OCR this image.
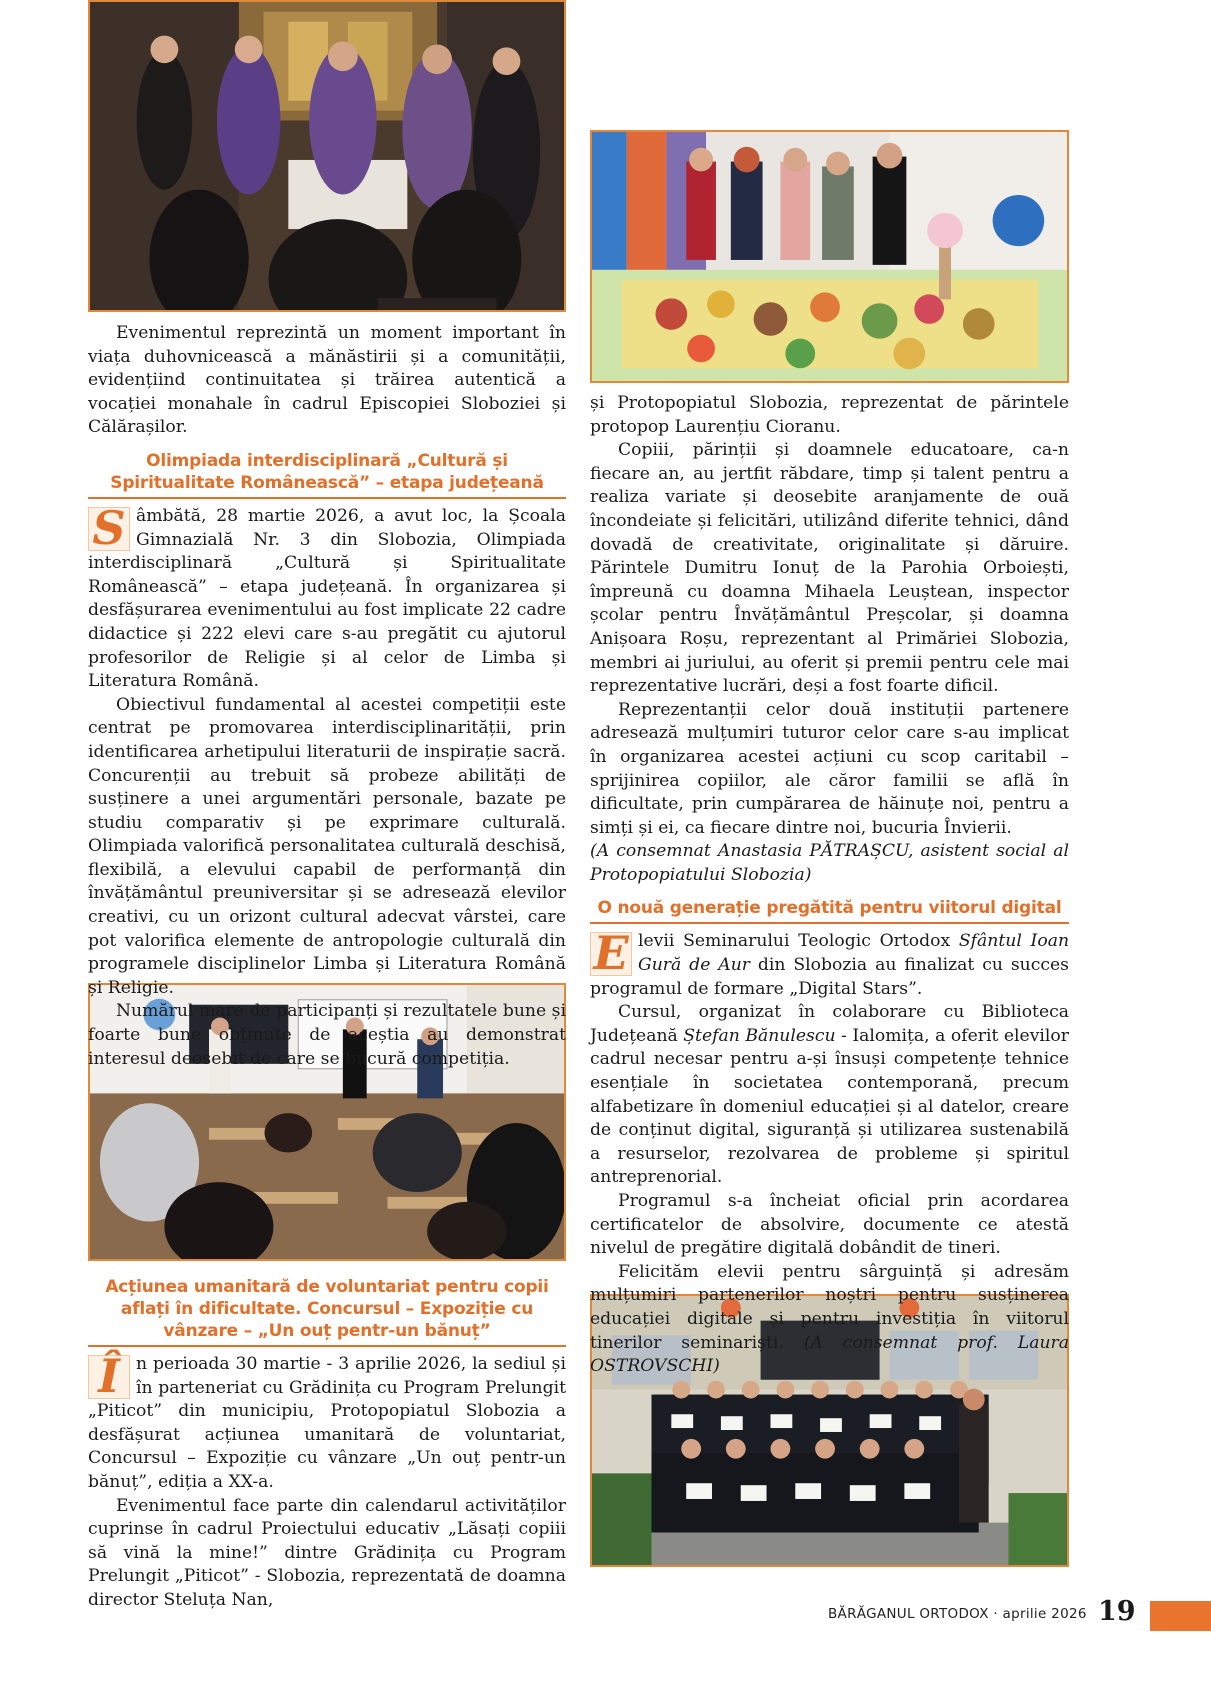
Evenimentul reprezintă un moment important în viața duhovnicească a mănăstirii și a comunității, evidențiind continuitatea și trăirea autentică a vocației monahale în cadrul Episcopiei Sloboziei și Călărașilor.

Olimpiada interdisciplinară „Cultură și Spiritualitate Românească” – etapa județeană

S âmbătă, 28 martie 2026, a avut loc, la Școala Gimnazială Nr. 3 din Slobozia, Olimpiada interdisciplinară „Cultură și Spiritualitate Românească” – etapa județeană. În organizarea și desfășurarea evenimentului au fost implicate 22 cadre didactice și 222 elevi care s-au pregătit cu ajutorul profesorilor de Religie și al celor de Limba și Literatura Română.

Obiectivul fundamental al acestei competiții este centrat pe promovarea interdisciplinarității, prin identificarea arhetipului literaturii de inspirație sacră. Concurenții au trebuit să probeze abilități de susținere a unei argumentări personale, bazate pe studiu comparativ și pe exprimare culturală. Olimpiada valorifică personalitatea culturală deschisă, flexibilă, a elevului capabil de performanță din învățământul preuniversitar și se adresează elevilor creativi, cu un orizont cultural adecvat vârstei, care pot valorifica elemente de antropologie culturală din programele disciplinelor Limba și Literatura Română și Religie.

Numărul mare de participanți și rezultatele bune și foarte bune obținute de aceștia au demonstrat interesul deosebit de care se bucură competiția.

Acțiunea umanitară de voluntariat pentru copii aflați în dificultate. Concursul – Expoziție cu vânzare – „Un ouț pentr-un bănuț”

Î n perioada 30 martie - 3 aprilie 2026, la sediul și în parteneriat cu Grădinița cu Program Prelungit „Piticot” din municipiu, Protopopiatul Slobozia a desfășurat acțiunea umanitară de voluntariat, Concursul – Expoziție cu vânzare „Un ouț pentr-un bănuț”, ediția a XX-a.

Evenimentul face parte din calendarul activităților cuprinse în cadrul Proiectului educativ „Lăsați copiii să vină la mine!” dintre Grădinița cu Program Prelungit „Piticot” - Slobozia, reprezentată de doamna director Steluța Nan,

și Protopopiatul Slobozia, reprezentat de părintele protopop Laurențiu Cioranu.

Copiii, părinții și doamnele educatoare, ca-n fiecare an, au jertfit răbdare, timp și talent pentru a realiza variate și deosebite aranjamente de ouă încondeiate și felicitări, utilizând diferite tehnici, dând dovadă de creativitate, originalitate și dăruire. Părintele Dumitru Ionuț de la Parohia Orboiești, împreună cu doamna Mihaela Leuștean, inspector școlar pentru Învățământul Preșcolar, și doamna Anișoara Roșu, reprezentant al Primăriei Slobozia, membri ai juriului, au oferit și premii pentru cele mai reprezentative lucrări, deși a fost foarte dificil.

Reprezentanții celor două instituții partenere adresează mulțumiri tuturor celor care s-au implicat în organizarea acestei acțiuni cu scop caritabil – sprijinirea copiilor, ale căror familii se află în dificultate, prin cumpărarea de hăinuțe noi, pentru a simți și ei, ca fiecare dintre noi, bucuria Învierii.

(A consemnat Anastasia PĂTRAȘCU, asistent social al Protopopiatului Slobozia)

O nouă generație pregătită pentru viitorul digital

E levii Seminarului Teologic Ortodox Sfântul Ioan Gură de Aur din Slobozia au finalizat cu succes programul de formare „Digital Stars”.

Cursul, organizat în colaborare cu Biblioteca Județeană Ștefan Bănulescu - Ialomița, a oferit elevilor cadrul necesar pentru a-și însuși competențe tehnice esențiale în societatea contemporană, precum alfabetizare în domeniul educației și al datelor, creare de conținut digital, siguranță și utilizarea sustenabilă a resurselor, rezolvarea de probleme și spiritul antreprenorial.

Programul s-a încheiat oficial prin acordarea certificatelor de absolvire, documente ce atestă nivelul de pregătire digitală dobândit de tineri.

Felicităm elevii pentru sârguință și adresăm mulțumiri partenerilor noștri pentru susținerea educației digitale și pentru investiția în viitorul tinerilor seminariști. (A consemnat prof. Laura OSTROVSCHI)

BĂRĂGANUL ORTODOX · aprilie 2026 19
